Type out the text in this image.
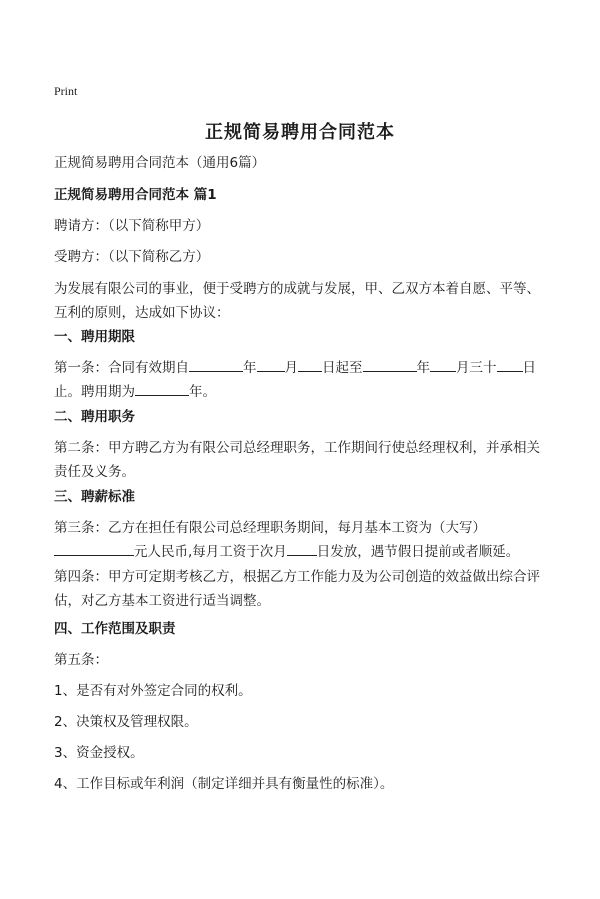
Print
正规简易聘用合同范本
正规简易聘用合同范本（通用6篇）
正规简易聘用合同范本 篇1
聘请方：（以下简称甲方）
受聘方：（以下简称乙方）
为发展有限公司的事业，便于受聘方的成就与发展，甲、乙双方本着自愿、平等、互利的原则，达成如下协议：
一、聘用期限
第一条：合同有效期自	年 月 日起至	年 月三十 日止。聘用期为	年。
二、聘用职务
第二条：甲方聘乙方为有限公司总经理职务，工作期间行使总经理权利，并承相关责任及义务。
三、聘薪标准
第三条：乙方在担任有限公司总经理职务期间，每月基本工资为（大写）
元人民币,每月工资于次月 日发放，遇节假日提前或者顺延。
第四条：甲方可定期考核乙方，根据乙方工作能力及为公司创造的效益做出综合评估，对乙方基本工资进行适当调整。
四、工作范围及职责
第五条：
1、是否有对外签定合同的权利。
2、决策权及管理权限。
3、资金授权。
4、工作目标或年利润（制定详细并具有衡量性的标准）。
